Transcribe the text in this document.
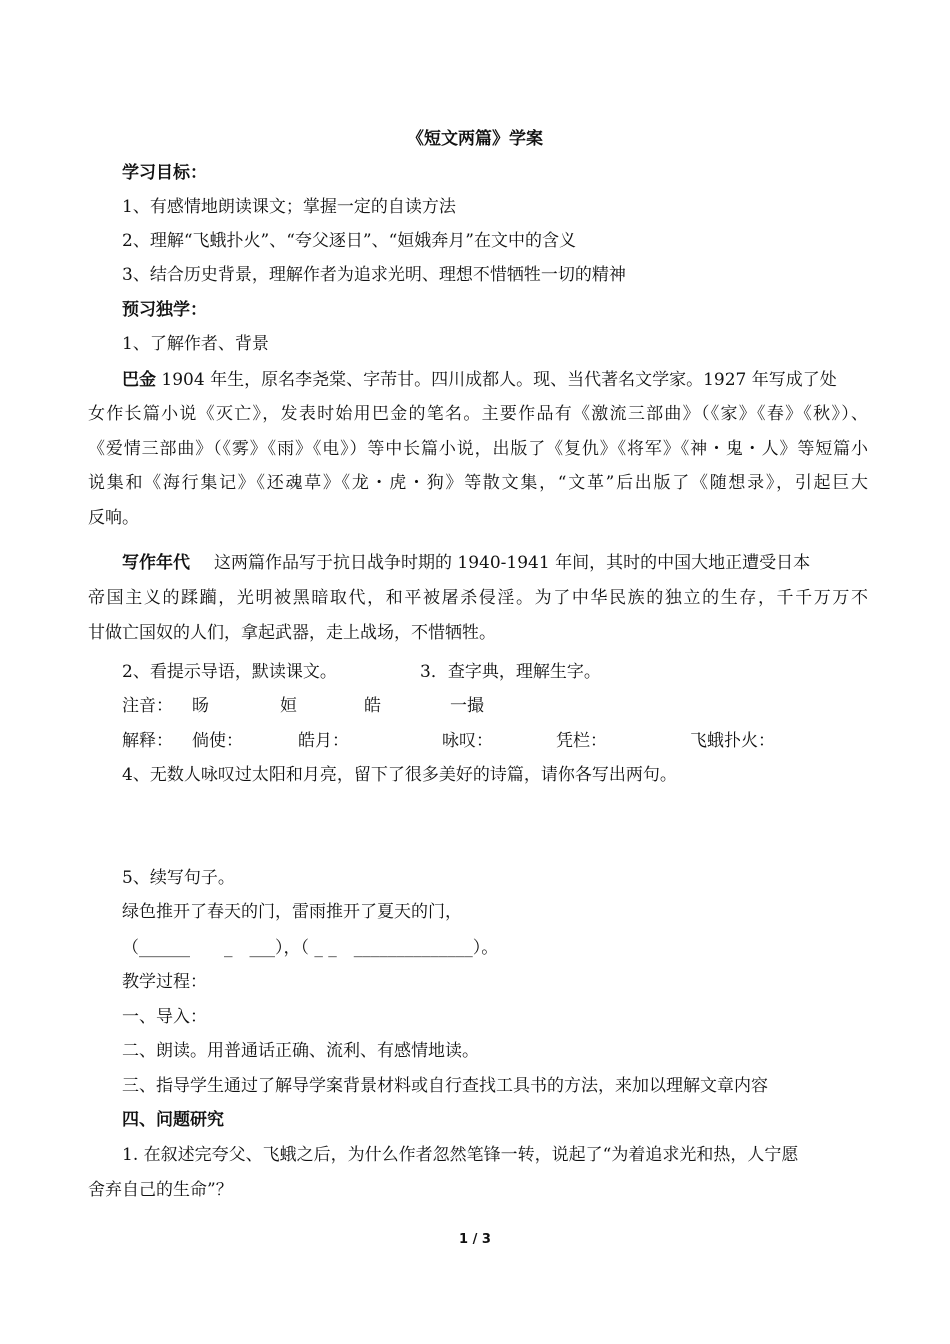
《短文两篇》学案
学习目标：
1、有感情地朗读课文；掌握一定的自读方法
2、理解“飞蛾扑火”、“夸父逐日”、“姮娥奔月”在文中的含义
3、结合历史背景，理解作者为追求光明、理想不惜牺牲一切的精神
预习独学：
1、了解作者、背景
巴金 1904 年生，原名李尧棠、字芾甘。四川成都人。现、当代著名文学家。1927 年写成了处
女作长篇小说《灭亡》，发表时始用巴金的笔名。主要作品有《激流三部曲》（《家》《春》《秋》）、
《爱情三部曲》（《雾》《雨》《电》）等中长篇小说，出版了《复仇》《将军》《神・鬼・人》等短篇小
说集和《海行集记》《还魂草》《龙・虎・狗》等散文集，“文革”后出版了《随想录》，引起巨大
反响。
写作年代 这两篇作品写于抗日战争时期的 1940-1941 年间，其时的中国大地正遭受日本
帝国主义的蹂躏，光明被黑暗取代，和平被屠杀侵淫。为了中华民族的独立的生存，千千万万不
甘做亡国奴的人们，拿起武器，走上战场，不惜牺牲。
2、看提示导语，默读课文。	3．查字典，理解生字。
注音： 旸	姮	皓	一撮
解释： 倘使：	皓月：	咏叹：	凭栏：	飞蛾扑火：
4、无数人咏叹过太阳和月亮，留下了很多美好的诗篇，请你各写出两句。
5、续写句子。
绿色推开了春天的门，雷雨推开了夏天的门，
（______　　_　___），（ _ _　______________）。
教学过程：
一、导入：
二、朗读。用普通话正确、流利、有感情地读。
三、指导学生通过了解导学案背景材料或自行查找工具书的方法，来加以理解文章内容
四、问题研究
1. 在叙述完夸父、飞蛾之后，为什么作者忽然笔锋一转，说起了“为着追求光和热，人宁愿
舍弃自己的生命”？
1 / 3
